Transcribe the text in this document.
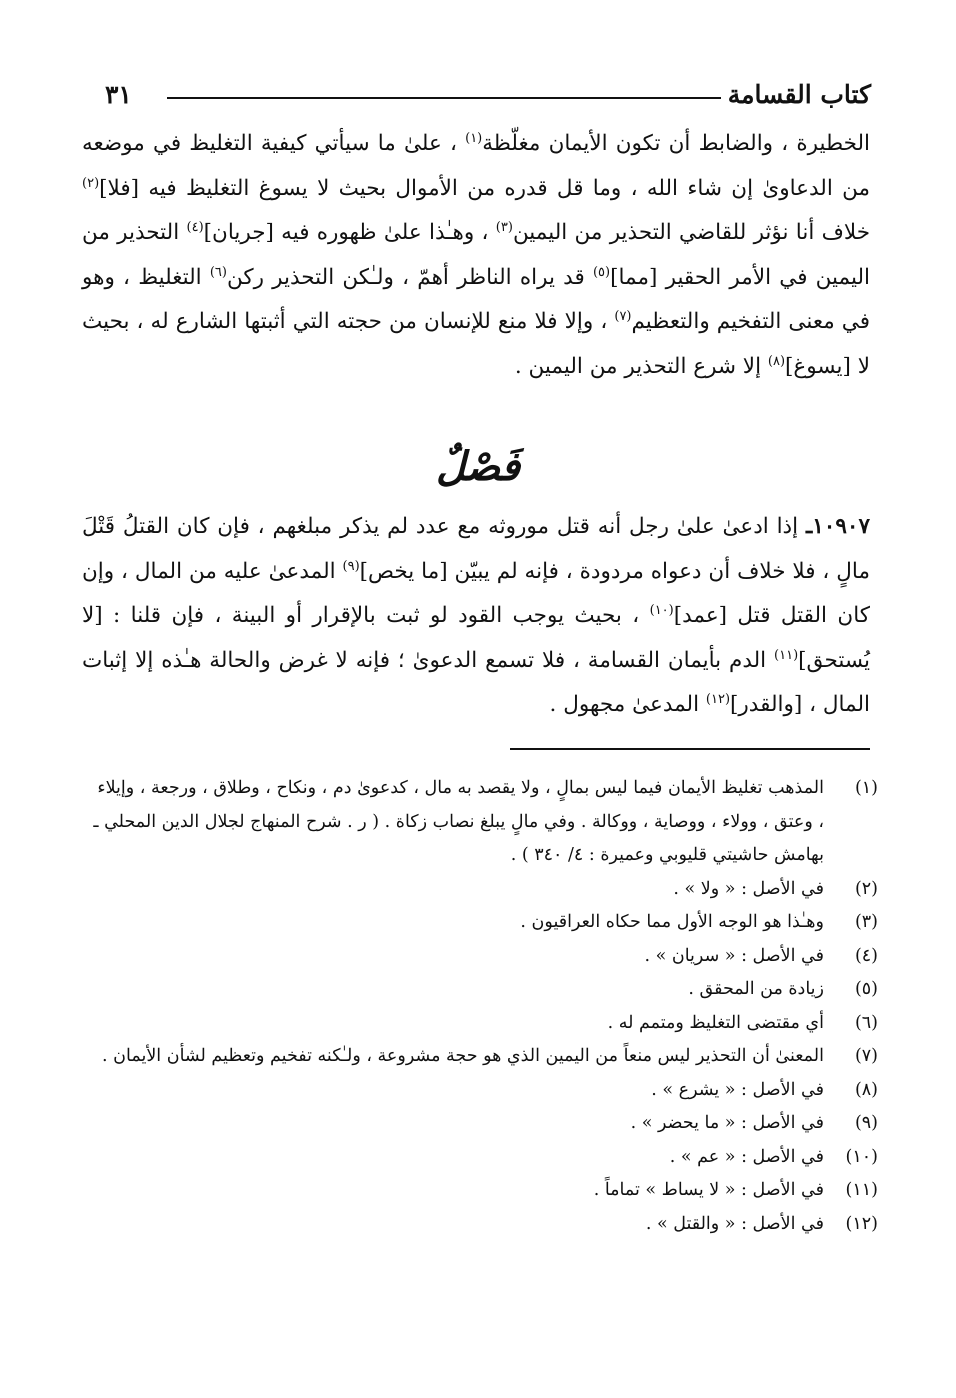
كتاب القسامة
٣١

الخطيرة ، والضابط أن تكون الأيمان مغلّظة$^{(١)}$ ، علىٰ ما سيأتي كيفية التغليظ في موضعه من الدعاوىٰ إن شاء الله ، وما قل قدره من الأموال بحيث لا يسوغ التغليظ فيه [فلا]$^{(٢)}$ خلاف أنا نؤثر للقاضي التحذير من اليمين$^{(٣)}$ ، وهـٰذا علىٰ ظهوره فيه [جريان]$^{(٤)}$ التحذير من اليمين في الأمر الحقير [مما]$^{(٥)}$ قد يراه الناظر أهمّ ، ولـٰكن التحذير ركن$^{(٦)}$ التغليظ ، وهو في معنى التفخيم والتعظيم$^{(٧)}$ ، وإلا فلا منع للإنسان من حجته التي أثبتها الشارع له ، بحيث لا [يسوغ]$^{(٨)}$ إلا شرع التحذير من اليمين .

فَصْلٌ

١٠٩٠٧ـ إذا ادعىٰ علىٰ رجل أنه قتل موروثه مع عدد لم يذكر مبلغهم ، فإن كان القتلُ قَتْلَ مالٍ ، فلا خلاف أن دعواه مردودة ، فإنه لم يبيّن [ما يخص]$^{(٩)}$ المدعىٰ عليه من المال ، وإن كان القتل قتل [عمد]$^{(١٠)}$ ، بحيث يوجب القود لو ثبت بالإقرار أو البينة ، فإن قلنا : [لا يُستحق]$^{(١١)}$ الدم بأيمان القسامة ، فلا تسمع الدعوىٰ ؛ فإنه لا غرض والحالة هـٰذه إلا إثبات المال ، [والقدر]$^{(١٢)}$ المدعىٰ مجهول .

(١)
المذهب تغليظ الأيمان فيما ليس بمالٍ ، ولا يقصد به مال ، كدعوىٰ دم ، ونكاح ، وطلاق ، ورجعة ، وإيلاء ، وعتق ، وولاء ، ووصاية ، ووكالة . وفي مالٍ يبلغ نصاب زكاة . ( ر . شرح المنهاج لجلال الدين المحلي ـ بهامش حاشيتي قليوبي وعميرة : ٤/ ٣٤٠ ) .
(٢)
في الأصل : « ولا » .
(٣)
وهـٰذا هو الوجه الأول مما حكاه العراقيون .
(٤)
في الأصل : « سريان » .
(٥)
زيادة من المحقق .
(٦)
أي مقتضى التغليظ ومتمم له .
(٧)
المعنىٰ أن التحذير ليس منعاً من اليمين الذي هو حجة مشروعة ، ولـٰكنه تفخيم وتعظيم لشأن الأيمان .
(٨)
في الأصل : « يشرع » .
(٩)
في الأصل : « ما يحضر » .
(١٠)
في الأصل : « عم » .
(١١)
في الأصل : « لا يساط » تماماً .
(١٢)
في الأصل : « والقتل » .
